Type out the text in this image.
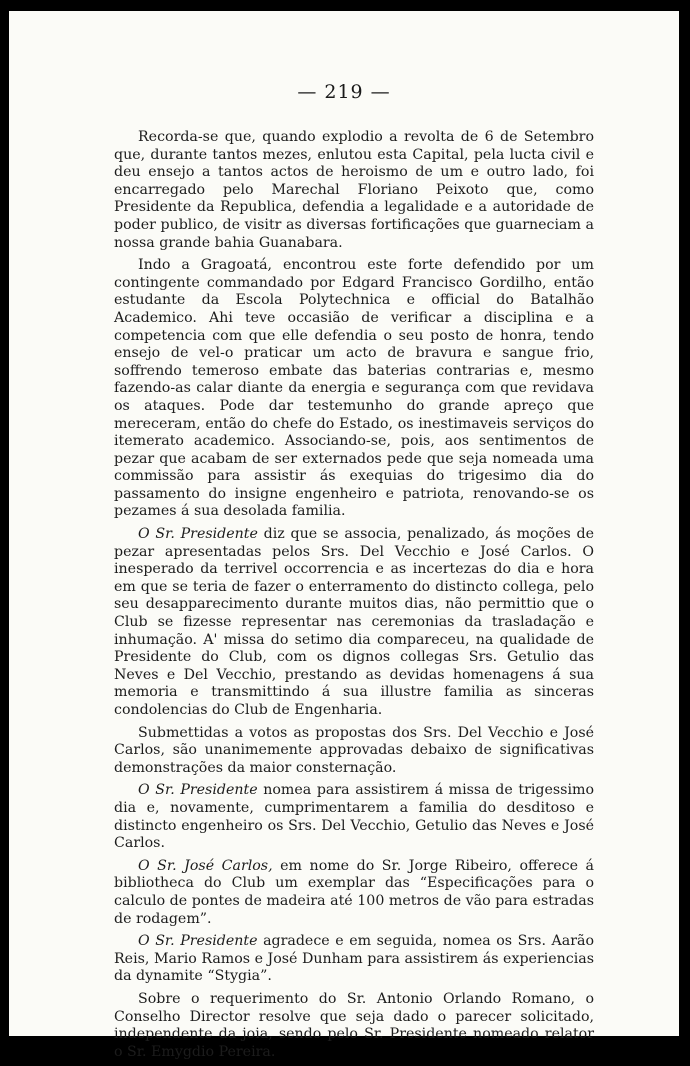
— 219 —

Recorda-se que, quando explodio a revolta de 6 de Setembro que, durante tantos mezes, enlutou esta Capital, pela lucta civil e deu ensejo a tantos actos de heroismo de um e outro lado, foi encarregado pelo Marechal Floriano Peixoto que, como Presidente da Republica, defendia a legalidade e a autoridade de poder publico, de visitr as diversas fortificações que guarneciam a nossa grande bahia Guanabara.

Indo a Gragoatá, encontrou este forte defendido por um contingente commandado por Edgard Francisco Gordilho, então estudante da Escola Polytechnica e official do Batalhão Academico. Ahi teve occasião de verificar a disciplina e a competencia com que elle defendia o seu posto de honra, tendo ensejo de vel-o praticar um acto de bravura e sangue frio, soffrendo temeroso embate das baterias contrarias e, mesmo fazendo-as calar diante da energia e segurança com que revidava os ataques. Pode dar testemunho do grande apreço que mereceram, então do chefe do Estado, os inestimaveis serviços do itemerato academico. Associando-se, pois, aos sentimentos de pezar que acabam de ser externados pede que seja nomeada uma commissão para assistir ás exequias do trigesimo dia do passamento do insigne engenheiro e patriota, renovando-se os pezames á sua desolada familia.

O Sr. Presidente diz que se associa, penalizado, ás moções de pezar apresentadas pelos Srs. Del Vecchio e José Carlos. O inesperado da terrivel occorrencia e as incertezas do dia e hora em que se teria de fazer o enterramento do distincto collega, pelo seu desapparecimento durante muitos dias, não permittio que o Club se fizesse representar nas ceremonias da trasladação e inhumação. A' missa do setimo dia compareceu, na qualidade de Presidente do Club, com os dignos collegas Srs. Getulio das Neves e Del Vecchio, prestando as devidas homenagens á sua memoria e transmittindo á sua illustre familia as sinceras condolencias do Club de Engenharia.

Submettidas a votos as propostas dos Srs. Del Vecchio e José Carlos, são unanimemente approvadas debaixo de significativas demonstrações da maior consternação.

O Sr. Presidente nomea para assistirem á missa de trigessimo dia e, novamente, cumprimentarem a familia do desditoso e distincto engenheiro os Srs. Del Vecchio, Getulio das Neves e José Carlos.

O Sr. José Carlos, em nome do Sr. Jorge Ribeiro, offerece á bibliotheca do Club um exemplar das “Especificações para o calculo de pontes de madeira até 100 metros de vão para estradas de rodagem”.

O Sr. Presidente agradece e em seguida, nomea os Srs. Aarão Reis, Mario Ramos e José Dunham para assistirem ás experiencias da dynamite “Stygia”.

Sobre o requerimento do Sr. Antonio Orlando Romano, o Conselho Director resolve que seja dado o parecer solicitado, independente da joia, sendo pelo Sr. Presidente nomeado relator o Sr. Emygdio Pereira.
